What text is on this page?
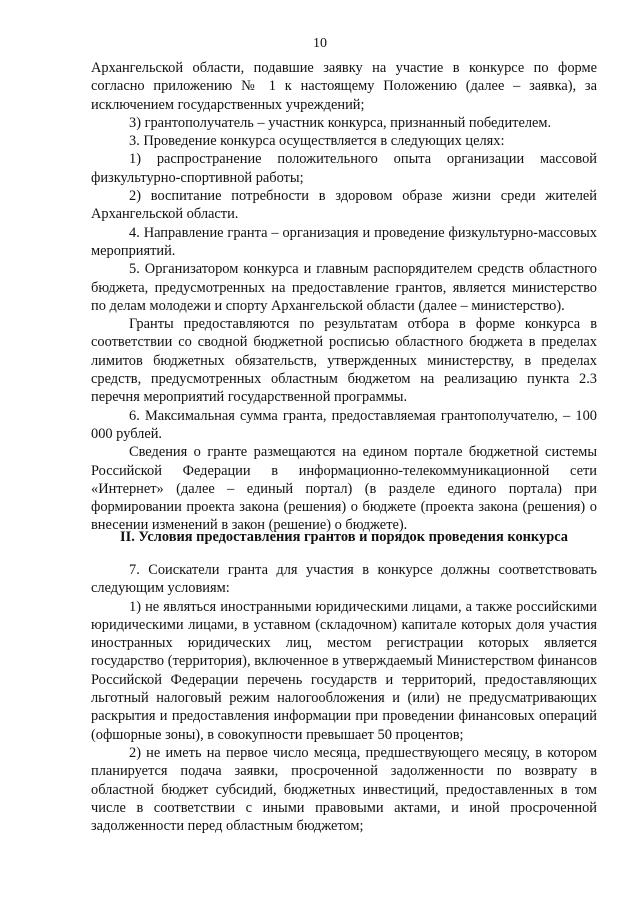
10

Архангельской области, подавшие заявку на участие в конкурсе по форме согласно приложению № 1 к настоящему Положению (далее – заявка), за исключением государственных учреждений;

3) грантополучатель – участник конкурса, признанный победителем.

3. Проведение конкурса осуществляется в следующих целях:

1) распространение положительного опыта организации массовой физкультурно-спортивной работы;

2) воспитание потребности в здоровом образе жизни среди жителей Архангельской области.

4. Направление гранта – организация и проведение физкультурно-массовых мероприятий.

5. Организатором конкурса и главным распорядителем средств областного бюджета, предусмотренных на предоставление грантов, является министерство по делам молодежи и спорту Архангельской области (далее – министерство).

Гранты предоставляются по результатам отбора в форме конкурса в соответствии со сводной бюджетной росписью областного бюджета в пределах лимитов бюджетных обязательств, утвержденных министерству, в пределах средств, предусмотренных областным бюджетом на реализацию пункта 2.3 перечня мероприятий государственной программы.

6. Максимальная сумма гранта, предоставляемая грантополучателю, – 100 000 рублей.

Сведения о гранте размещаются на едином портале бюджетной системы Российской Федерации в информационно-телекоммуникационной сети «Интернет» (далее – единый портал) (в разделе единого портала) при формировании проекта закона (решения) о бюджете (проекта закона (решения) о внесении изменений в закон (решение) о бюджете).

II. Условия предоставления грантов и порядок проведения конкурса

7. Соискатели гранта для участия в конкурсе должны соответствовать следующим условиям:

1) не являться иностранными юридическими лицами, а также российскими юридическими лицами, в уставном (складочном) капитале которых доля участия иностранных юридических лиц, местом регистрации которых является государство (территория), включенное в утверждаемый Министерством финансов Российской Федерации перечень государств и территорий, предоставляющих льготный налоговый режим налогообложения и (или) не предусматривающих раскрытия и предоставления информации при проведении финансовых операций (офшорные зоны), в совокупности превышает 50 процентов;

2) не иметь на первое число месяца, предшествующего месяцу, в котором планируется подача заявки, просроченной задолженности по возврату в областной бюджет субсидий, бюджетных инвестиций, предоставленных в том числе в соответствии с иными правовыми актами, и иной просроченной задолженности перед областным бюджетом;
